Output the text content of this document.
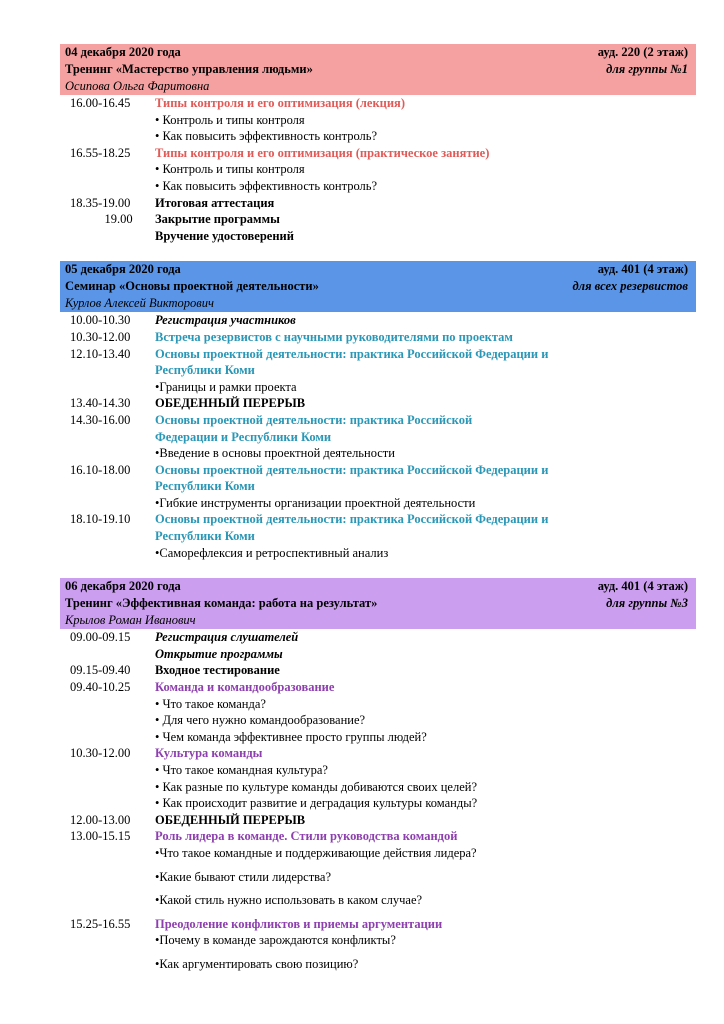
04 декабря 2020 года	ауд. 220 (2 этаж)
Тренинг «Мастерство управления людьми»	для группы №1
Осипова Ольга Фаритовна
16.00-16.45	Типы контроля и его оптимизация (лекция)
• Контроль и типы контроля
• Как повысить эффективность контроль?
16.55-18.25	Типы контроля и его оптимизация (практическое занятие)
• Контроль и типы контроля
• Как повысить эффективность контроль?
18.35-19.00	Итоговая аттестация
19.00	Закрытие программы
Вручение удостоверений
05 декабря 2020 года	ауд. 401 (4 этаж)
Семинар «Основы проектной деятельности»	для всех резервистов
Курлов Алексей Викторович
10.00-10.30	Регистрация участников
10.30-12.00	Встреча резервистов с научными руководителями по проектам
12.10-13.40	Основы проектной деятельности: практика Российской Федерации и
Республики Коми
•Границы и рамки проекта
13.40-14.30	ОБЕДЕННЫЙ ПЕРЕРЫВ
14.30-16.00	Основы проектной деятельности: практика Российской
Федерации и Республики Коми
•Введение в основы проектной деятельности
16.10-18.00	Основы проектной деятельности: практика Российской Федерации и
Республики Коми
•Гибкие инструменты организации проектной деятельности
18.10-19.10	Основы проектной деятельности: практика Российской Федерации и
Республики Коми
•Саморефлексия и ретроспективный анализ
06 декабря 2020 года	ауд. 401 (4 этаж)
Тренинг «Эффективная команда: работа на результат»	для группы №3
Крылов Роман Иванович
09.00-09.15	Регистрация слушателей
Открытие программы
09.15-09.40	Входное тестирование
09.40-10.25	Команда и командообразование
• Что такое команда?
• Для чего нужно командообразование?
• Чем команда эффективнее просто группы людей?
10.30-12.00	Культура команды
• Что такое командная культура?
• Как разные по культуре команды добиваются своих целей?
• Как происходит развитие и деградация культуры команды?
12.00-13.00	ОБЕДЕННЫЙ ПЕРЕРЫВ
13.00-15.15	Роль лидера в команде. Стили руководства командой
•Что такое командные и поддерживающие действия лидера?
•Какие бывают стили лидерства?
•Какой стиль нужно использовать в каком случае?
15.25-16.55	Преодоление конфликтов и приемы аргументации
•Почему в команде зарождаются конфликты?
•Как аргументировать свою позицию?
